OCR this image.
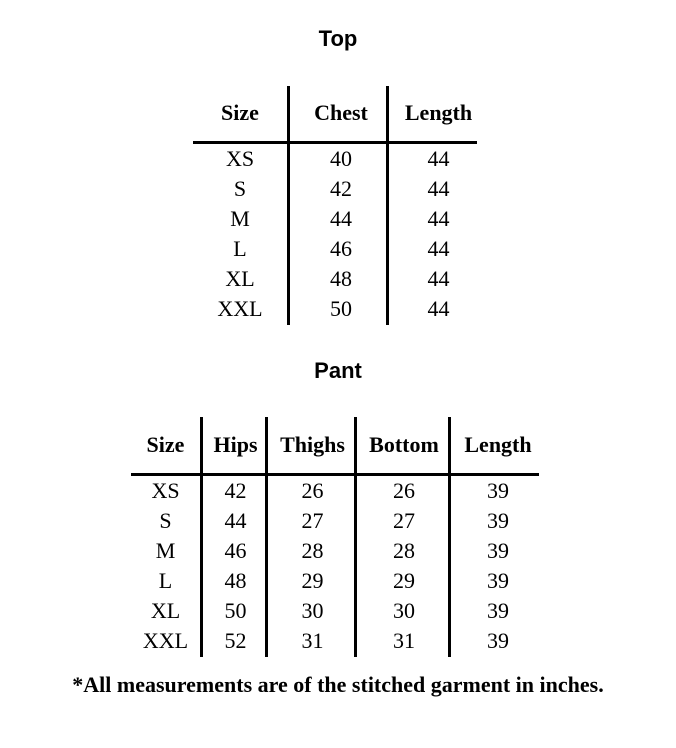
Top
Size	Chest	Length
XS	40	44
S	42	44
M	44	44
L	46	44
XL	48	44
XXL	50	44
Pant
Size	Hips	Thighs	Bottom	Length
XS	42	26	26	39
S	44	27	27	39
M	46	28	28	39
L	48	29	29	39
XL	50	30	30	39
XXL	52	31	31	39
*All measurements are of the stitched garment in inches.
